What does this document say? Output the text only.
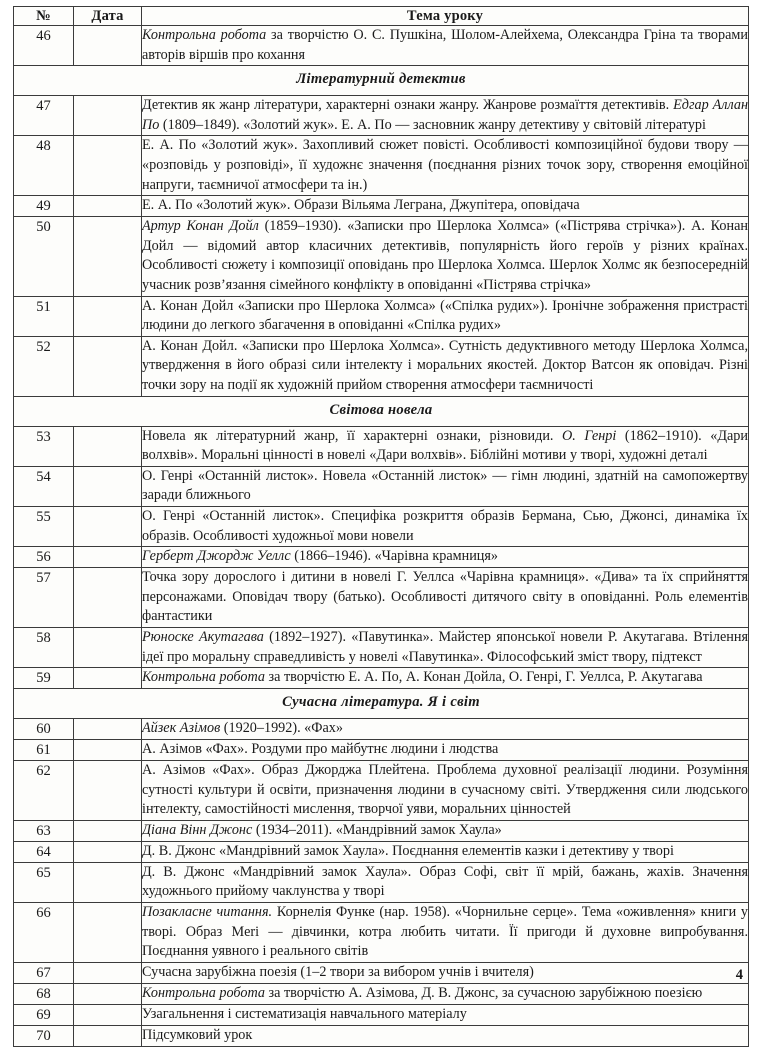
№	Дата	Тема уроку
46		Контрольна робота за творчістю О. С. Пушкіна, Шолом-Алейхема, Олександра Гріна та творами авторів віршів про кохання
Літературний детектив		
47		Детектив як жанр літератури, характерні ознаки жанру. Жанрове розмаїття детективів. Едгар Аллан По (1809–1849). «Золотий жук». Е. А. По — засновник жанру детективу у світовій літературі
48		Е. А. По «Золотий жук». Захопливий сюжет повісті. Особливості композиційної будови твору — «розповідь у розповіді», її художнє значення (поєднання різних точок зору, створення емоційної напруги, таємничої атмосфери та ін.)
49		Е. А. По «Золотий жук». Образи Вільяма Леграна, Джупітера, оповідача
50		Артур Конан Дойл (1859–1930). «Записки про Шерлока Холмса» («Пістрява стрічка»). А. Конан Дойл — відомий автор класичних детективів, популярність його героїв у різних країнах. Особливості сюжету і композиції оповідань про Шерлока Холмса. Шерлок Холмс як безпосередній учасник розв’язання сімейного конфлікту в оповіданні «Пістрява стрічка»
51		А. Конан Дойл «Записки про Шерлока Холмса» («Спілка рудих»). Іронічне зображення пристрасті людини до легкого збагачення в оповіданні «Спілка рудих»
52		А. Конан Дойл. «Записки про Шерлока Холмса». Сутність дедуктивного методу Шерлока Холмса, утвердження в його образі сили інтелекту і моральних якостей. Доктор Ватсон як оповідач. Різні точки зору на події як художній прийом створення атмосфери таємничості
Світова новела		
53		Новела як літературний жанр, її характерні ознаки, різновиди. О. Генрі (1862–1910). «Дари волхвів». Моральні цінності в новелі «Дари волхвів». Біблійні мотиви у творі, художні деталі
54		О. Генрі «Останній листок». Новела «Останній листок» — гімн людині, здатній на самопожертву заради ближнього
55		О. Генрі «Останній листок». Специфіка розкриття образів Бермана, Сью, Джонсі, динаміка їх образів. Особливості художньої мови новели
56		Герберт Джордж Уеллс (1866–1946). «Чарівна крамниця»
57		Точка зору дорослого і дитини в новелі Г. Уеллса «Чарівна крамниця». «Дива» та їх сприйняття персонажами. Оповідач твору (батько). Особливості дитячого світу в оповіданні. Роль елементів фантастики
58		Рюноске Акутагава (1892–1927). «Павутинка». Майстер японської новели Р. Акутагава. Втілення ідеї про моральну справедливість у новелі «Павутинка». Філософський зміст твору, підтекст
59		Контрольна робота за творчістю Е. А. По, А. Конан Дойла, О. Генрі, Г. Уеллса, Р. Акутагава
Сучасна література. Я і світ		
60		Айзек Азімов (1920–1992). «Фах»
61		А. Азімов «Фах». Роздуми про майбутнє людини і людства
62		А. Азімов «Фах». Образ Джорджа Плейтена. Проблема духовної реалізації людини. Розуміння сутності культури й освіти, призначення людини в сучасному світі. Утвердження сили людського інтелекту, самостійності мислення, творчої уяви, моральних цінностей
63		Діана Вінн Джонс (1934–2011). «Мандрівний замок Хаула»
64		Д. В. Джонс «Мандрівний замок Хаула». Поєднання елементів казки і детективу у творі
65		Д. В. Джонс «Мандрівний замок Хаула». Образ Софі, світ її мрій, бажань, жахів. Значення художнього прийому чаклунства у творі
66		Позакласне читання. Корнелія Функе (нар. 1958). «Чорнильне серце». Тема «оживлення» книги у творі. Образ Meri — дівчинки, котра любить читати. Її пригоди й духовне випробування. Поєднання уявного і реального світів
67		Сучасна зарубіжна поезія (1–2 твори за вибором учнів і вчителя)
68		Контрольна робота за творчістю А. Азімова, Д. В. Джонс, за сучасною зарубіжною поезією
69		Узагальнення і систематизація навчального матеріалу
70		Підсумковий урок
4
